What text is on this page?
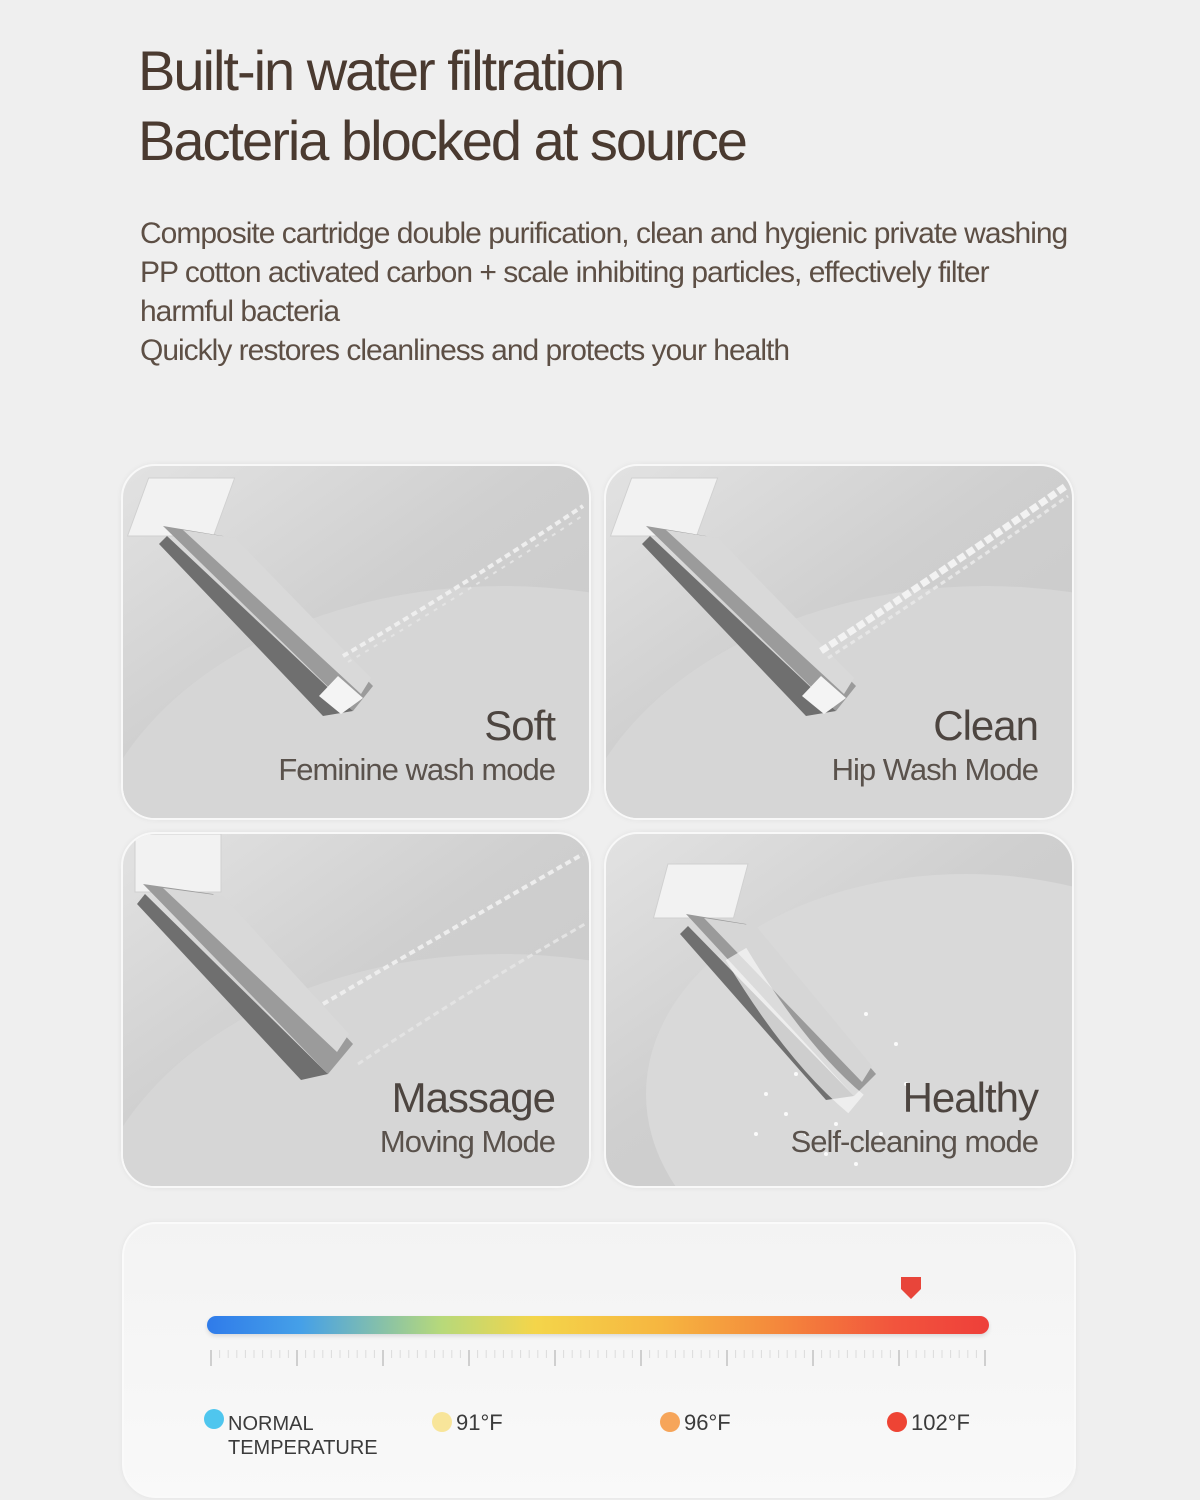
Built-in water filtration
Bacteria blocked at source
Composite cartridge double purification, clean and hygienic private washing
PP cotton activated carbon + scale inhibiting particles, effectively filter
harmful bacteria
Quickly restores cleanliness and protects your health
Soft
Feminine wash mode
Clean
Hip Wash Mode
Massage
Moving Mode
Healthy
Self-cleaning mode
NORMAL
TEMPERATURE
91°F	96°F	102°F
